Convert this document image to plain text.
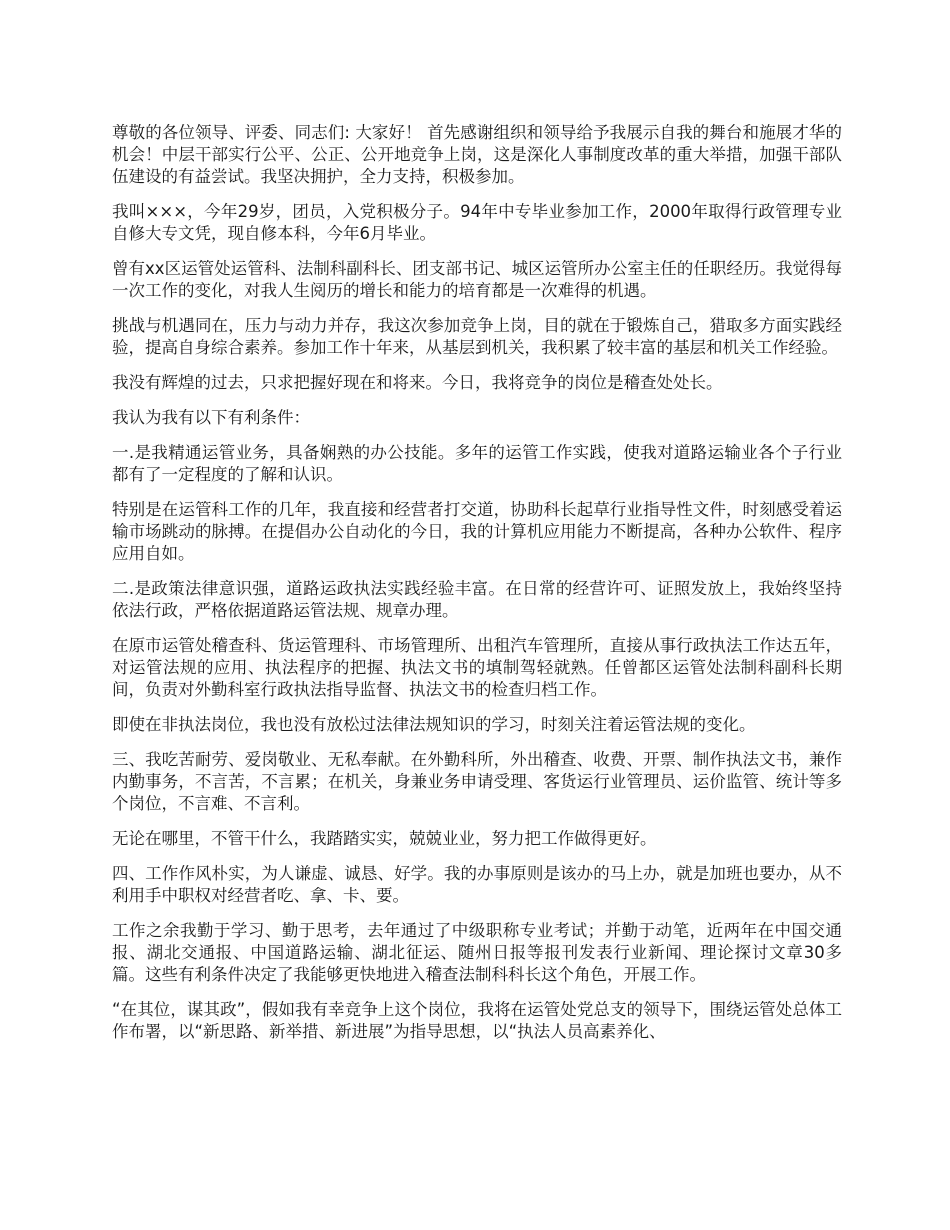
尊敬的各位领导、评委、同志们: 大家好！ 首先感谢组织和领导给予我展示自我的舞台和施展才华的机会！中层干部实行公平、公正、公开地竞争上岗，这是深化人事制度改革的重大举措，加强干部队伍建设的有益尝试。我坚决拥护，全力支持，积极参加。

我叫×××，今年29岁，团员，入党积极分子。94年中专毕业参加工作，2000年取得行政管理专业自修大专文凭，现自修本科，今年6月毕业。

曾有xx区运管处运管科、法制科副科长、团支部书记、城区运管所办公室主任的任职经历。我觉得每一次工作的变化，对我人生阅历的增长和能力的培育都是一次难得的机遇。

挑战与机遇同在，压力与动力并存，我这次参加竞争上岗，目的就在于锻炼自己，猎取多方面实践经验，提高自身综合素养。参加工作十年来，从基层到机关，我积累了较丰富的基层和机关工作经验。

我没有辉煌的过去，只求把握好现在和将来。今日，我将竞争的岗位是稽查处处长。

我认为我有以下有利条件：

一.是我精通运管业务，具备娴熟的办公技能。多年的运管工作实践，使我对道路运输业各个子行业都有了一定程度的了解和认识。

特别是在运管科工作的几年，我直接和经营者打交道，协助科长起草行业指导性文件，时刻感受着运输市场跳动的脉搏。在提倡办公自动化的今日，我的计算机应用能力不断提高，各种办公软件、程序应用自如。

二.是政策法律意识强，道路运政执法实践经验丰富。在日常的经营许可、证照发放上，我始终坚持依法行政，严格依据道路运管法规、规章办理。

在原市运管处稽查科、货运管理科、市场管理所、出租汽车管理所，直接从事行政执法工作达五年，对运管法规的应用、执法程序的把握、执法文书的填制驾轻就熟。任曾都区运管处法制科副科长期间，负责对外勤科室行政执法指导监督、执法文书的检查归档工作。

即使在非执法岗位，我也没有放松过法律法规知识的学习，时刻关注着运管法规的变化。

三、我吃苦耐劳、爱岗敬业、无私奉献。在外勤科所，外出稽查、收费、开票、制作执法文书，兼作内勤事务，不言苦，不言累；在机关，身兼业务申请受理、客货运行业管理员、运价监管、统计等多个岗位，不言难、不言利。

无论在哪里，不管干什么，我踏踏实实，兢兢业业，努力把工作做得更好。

四、工作作风朴实，为人谦虚、诚恳、好学。我的办事原则是该办的马上办，就是加班也要办，从不利用手中职权对经营者吃、拿、卡、要。

工作之余我勤于学习、勤于思考，去年通过了中级职称专业考试；并勤于动笔，近两年在中国交通报、湖北交通报、中国道路运输、湖北征运、随州日报等报刊发表行业新闻、理论探讨文章30多篇。这些有利条件决定了我能够更快地进入稽查法制科科长这个角色，开展工作。

“在其位，谋其政”，假如我有幸竞争上这个岗位，我将在运管处党总支的领导下，围绕运管处总体工作布署，以“新思路、新举措、新进展”为指导思想，以“执法人员高素养化、
